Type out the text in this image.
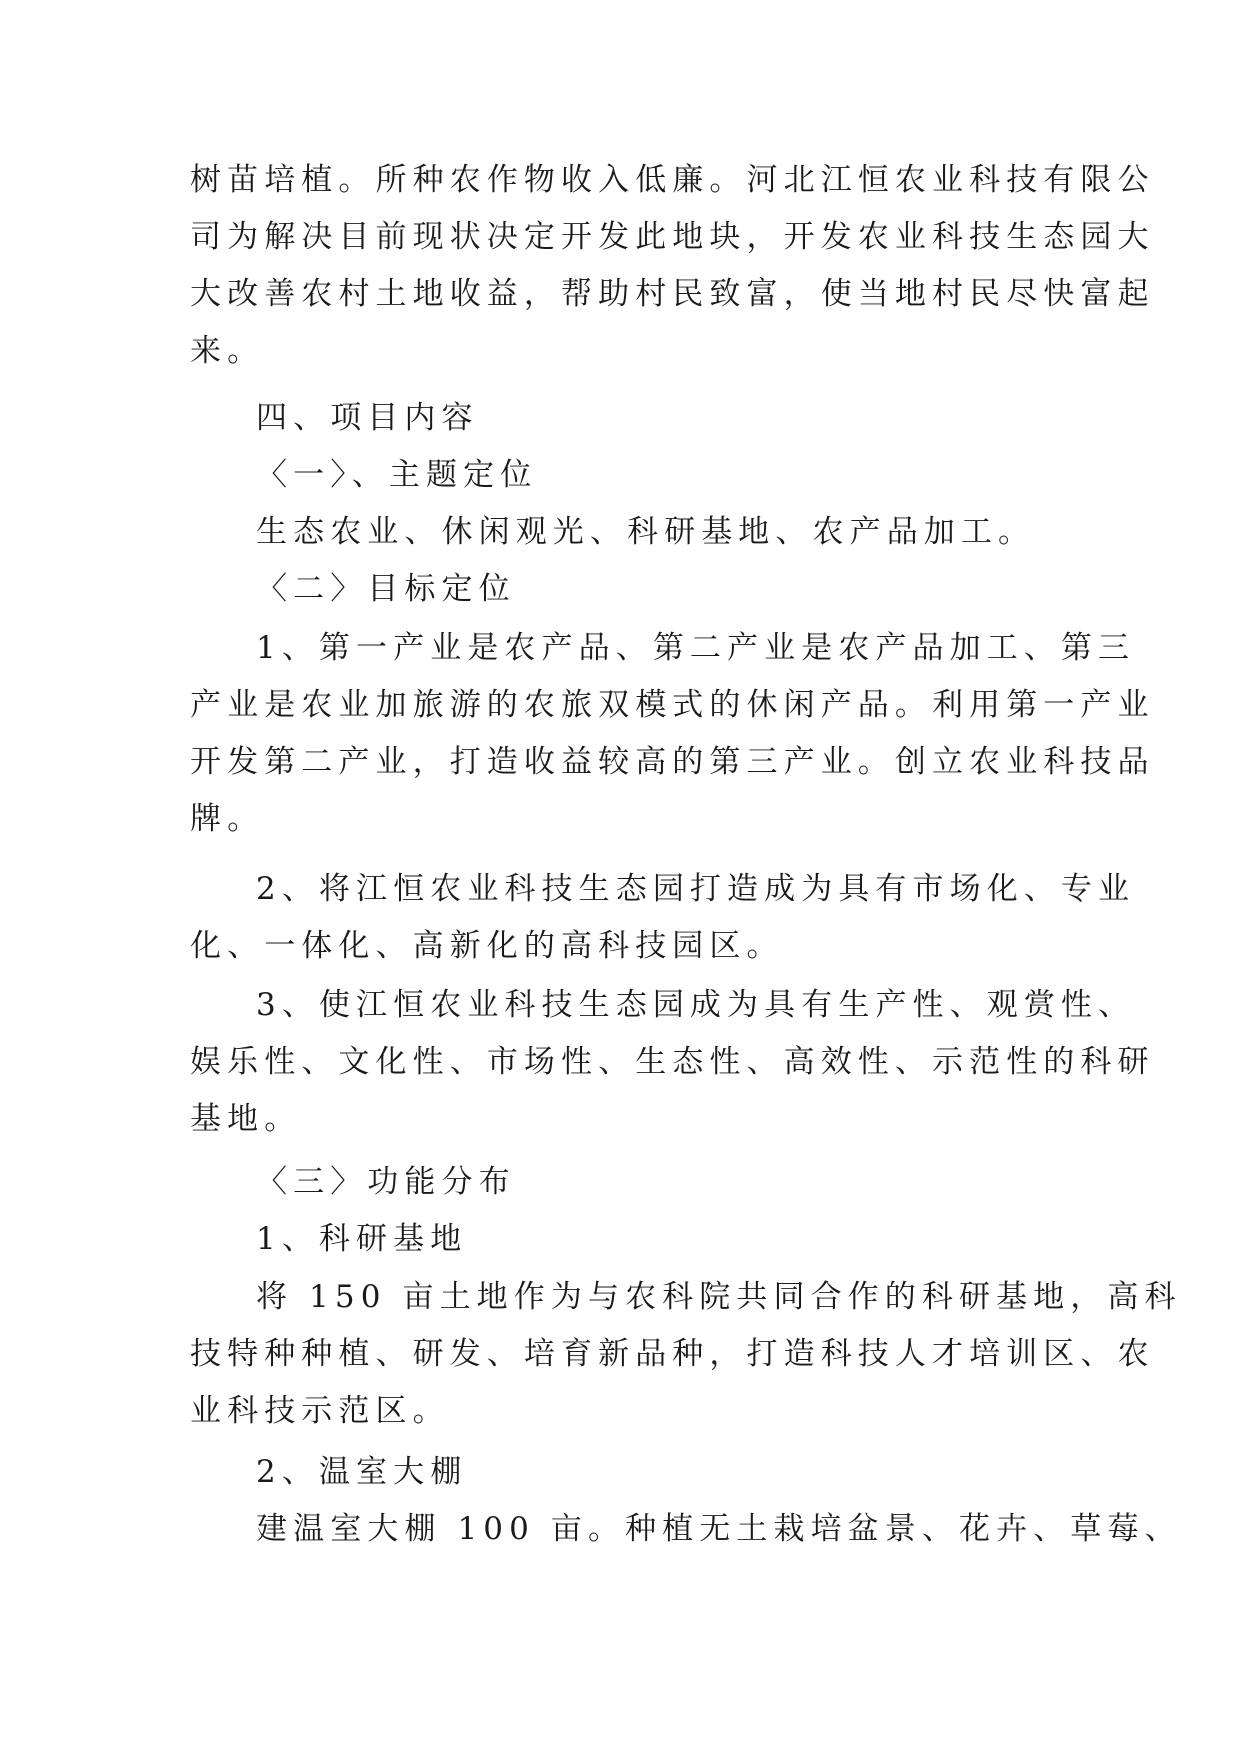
树苗培植。所种农作物收入低廉。河北江恒农业科技有限公
司为解决目前现状决定开发此地块，开发农业科技生态园大
大改善农村土地收益，帮助村民致富，使当地村民尽快富起
来。
四、项目内容
〈一〉、主题定位
生态农业、休闲观光、科研基地、农产品加工。
〈二〉目标定位
1、第一产业是农产品、第二产业是农产品加工、第三
产业是农业加旅游的农旅双模式的休闲产品。利用第一产业
开发第二产业，打造收益较高的第三产业。创立农业科技品
牌。
2、将江恒农业科技生态园打造成为具有市场化、专业
化、一体化、高新化的高科技园区。
3、使江恒农业科技生态园成为具有生产性、观赏性、
娱乐性、文化性、市场性、生态性、高效性、示范性的科研
基地。
〈三〉功能分布
1、科研基地
将 150 亩土地作为与农科院共同合作的科研基地，高科
技特种种植、研发、培育新品种，打造科技人才培训区、农
业科技示范区。
2、温室大棚
建温室大棚 100 亩。种植无土栽培盆景、花卉、草莓、
